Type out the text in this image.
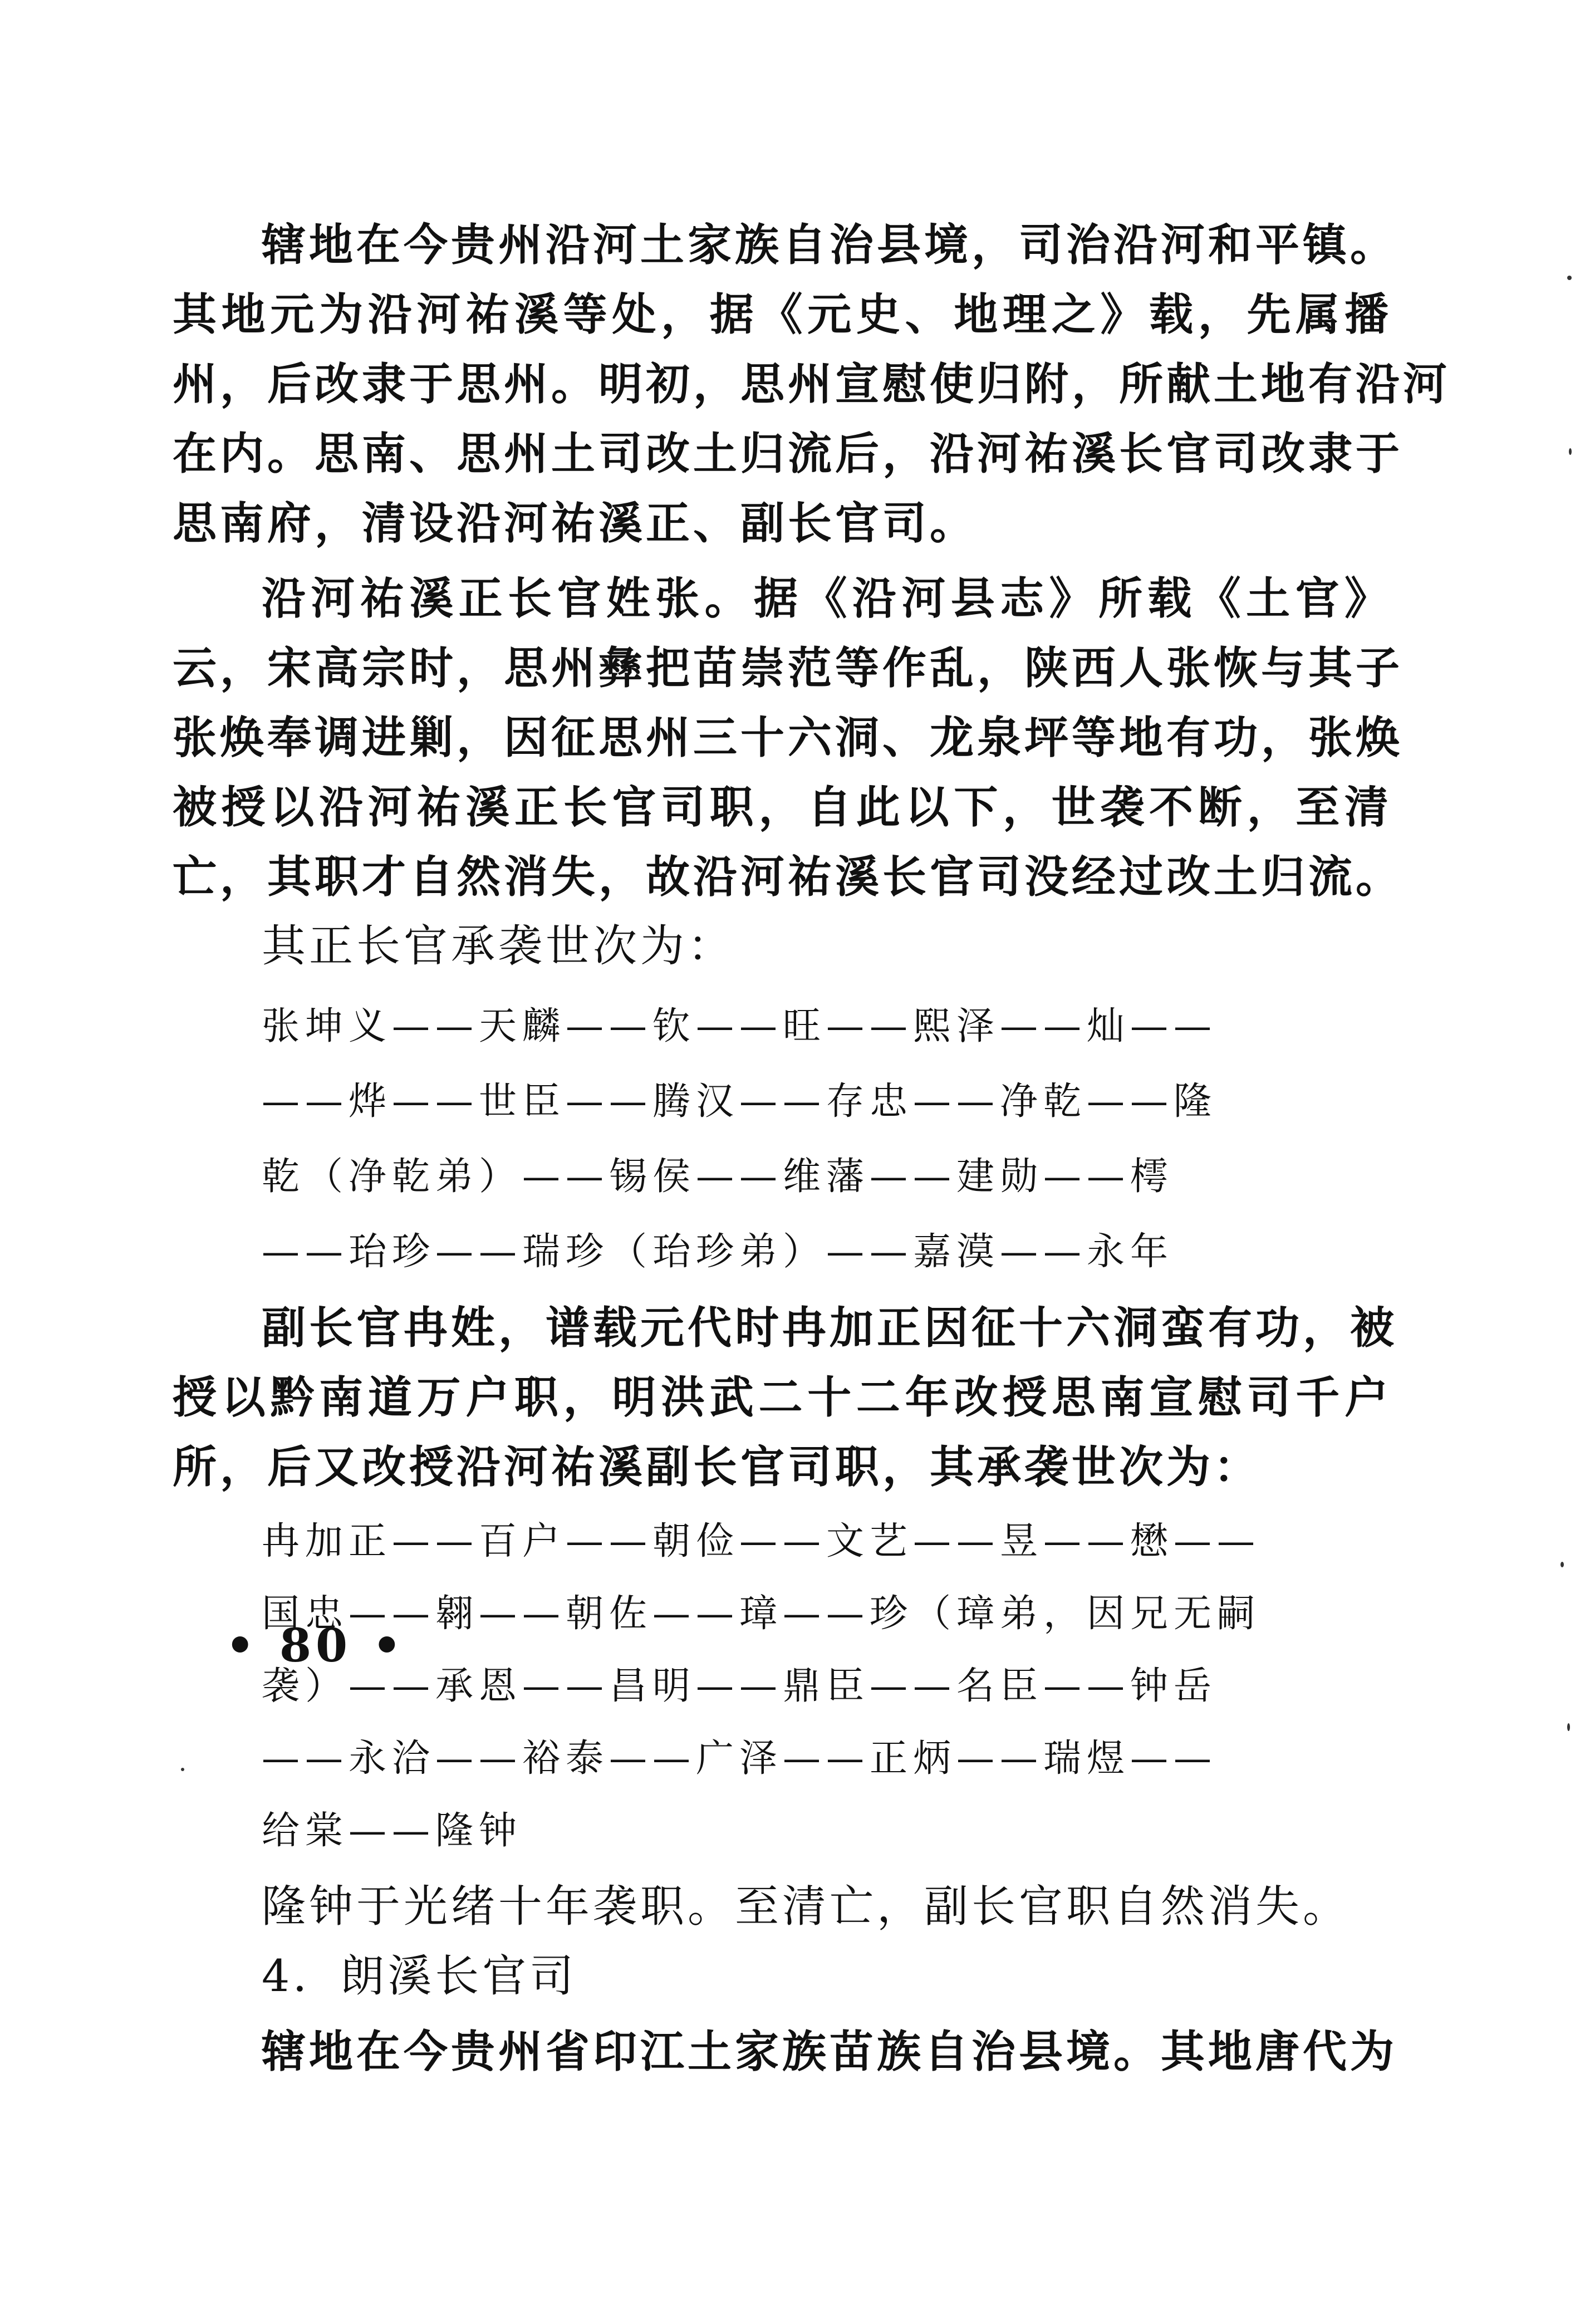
辖地在今贵州沿河土家族自治县境，司治沿河和平镇。
其地元为沿河祐溪等处，据《元史、地理之》载，先属播
州，后改隶于思州。明初，思州宣慰使归附，所献土地有沿河
在内。思南、思州土司改土归流后，沿河祐溪长官司改隶于
思南府，清设沿河祐溪正、副长官司。
沿河祐溪正长官姓张。据《沿河县志》所载《土官》
云，宋高宗时，思州彝把苗崇范等作乱，陕西人张恢与其子
张焕奉调进剿，因征思州三十六洞、龙泉坪等地有功，张焕
被授以沿河祐溪正长官司职，自此以下，世袭不断，至清
亡，其职才自然消失，故沿河祐溪长官司没经过改土归流。
其正长官承袭世次为：
张坤义——天麟——钦——旺——熙泽——灿——
——烨——世臣——腾汉——存忠——净乾——隆
乾（净乾弟）——锡侯——维藩——建勋——樗
——珆珍——瑞珍（珆珍弟）——嘉漠——永年
副长官冉姓，谱载元代时冉加正因征十六洞蛮有功，被
授以黔南道万户职，明洪武二十二年改授思南宣慰司千户
所，后又改授沿河祐溪副长官司职，其承袭世次为：
冉加正——百户——朝俭——文艺——昱——懋——
国忠——翱——朝佐——璋——珍（璋弟，因兄无嗣
袭）——承恩——昌明——鼎臣——名臣——钟岳
——永洽——裕泰——广泽——正炳——瑞煜——
给棠——隆钟
隆钟于光绪十年袭职。至清亡，副长官职自然消失。
4．朗溪长官司
辖地在今贵州省印江土家族苗族自治县境。其地唐代为
• 80 •
